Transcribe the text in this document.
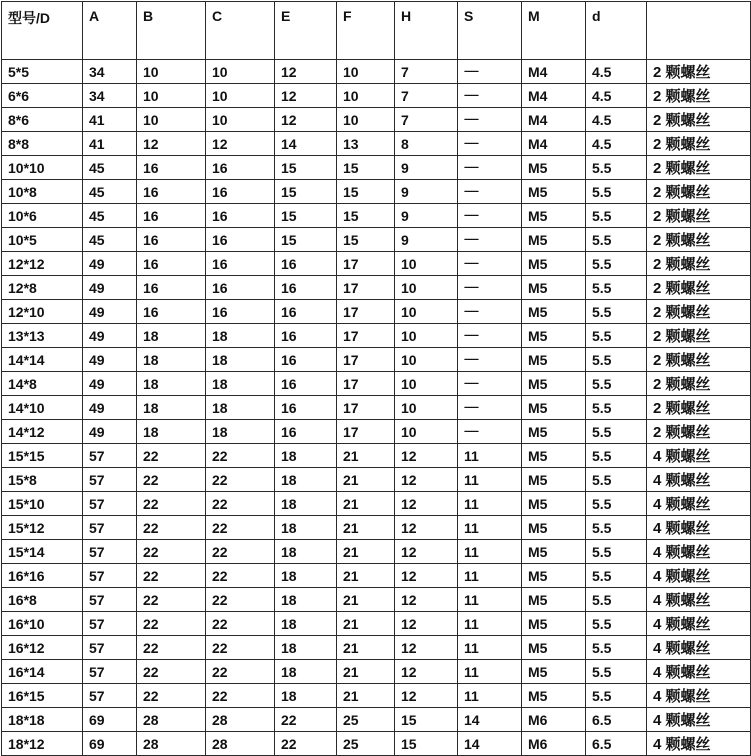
型号/D	A	B	C	E	F	H	S	M	d	
5*5	34	10	10	12	10	7	------	M4	4.5	2 颗螺丝
6*6	34	10	10	12	10	7	------	M4	4.5	2 颗螺丝
8*6	41	10	10	12	10	7	------	M4	4.5	2 颗螺丝
8*8	41	12	12	14	13	8	------	M4	4.5	2 颗螺丝
10*10	45	16	16	15	15	9	------	M5	5.5	2 颗螺丝
10*8	45	16	16	15	15	9	------	M5	5.5	2 颗螺丝
10*6	45	16	16	15	15	9	------	M5	5.5	2 颗螺丝
10*5	45	16	16	15	15	9	------	M5	5.5	2 颗螺丝
12*12	49	16	16	16	17	10	------	M5	5.5	2 颗螺丝
12*8	49	16	16	16	17	10	------	M5	5.5	2 颗螺丝
12*10	49	16	16	16	17	10	------	M5	5.5	2 颗螺丝
13*13	49	18	18	16	17	10	------	M5	5.5	2 颗螺丝
14*14	49	18	18	16	17	10	------	M5	5.5	2 颗螺丝
14*8	49	18	18	16	17	10	------	M5	5.5	2 颗螺丝
14*10	49	18	18	16	17	10	------	M5	5.5	2 颗螺丝
14*12	49	18	18	16	17	10	------	M5	5.5	2 颗螺丝
15*15	57	22	22	18	21	12	11	M5	5.5	4 颗螺丝
15*8	57	22	22	18	21	12	11	M5	5.5	4 颗螺丝
15*10	57	22	22	18	21	12	11	M5	5.5	4 颗螺丝
15*12	57	22	22	18	21	12	11	M5	5.5	4 颗螺丝
15*14	57	22	22	18	21	12	11	M5	5.5	4 颗螺丝
16*16	57	22	22	18	21	12	11	M5	5.5	4 颗螺丝
16*8	57	22	22	18	21	12	11	M5	5.5	4 颗螺丝
16*10	57	22	22	18	21	12	11	M5	5.5	4 颗螺丝
16*12	57	22	22	18	21	12	11	M5	5.5	4 颗螺丝
16*14	57	22	22	18	21	12	11	M5	5.5	4 颗螺丝
16*15	57	22	22	18	21	12	11	M5	5.5	4 颗螺丝
18*18	69	28	28	22	25	15	14	M6	6.5	4 颗螺丝
18*12	69	28	28	22	25	15	14	M6	6.5	4 颗螺丝
